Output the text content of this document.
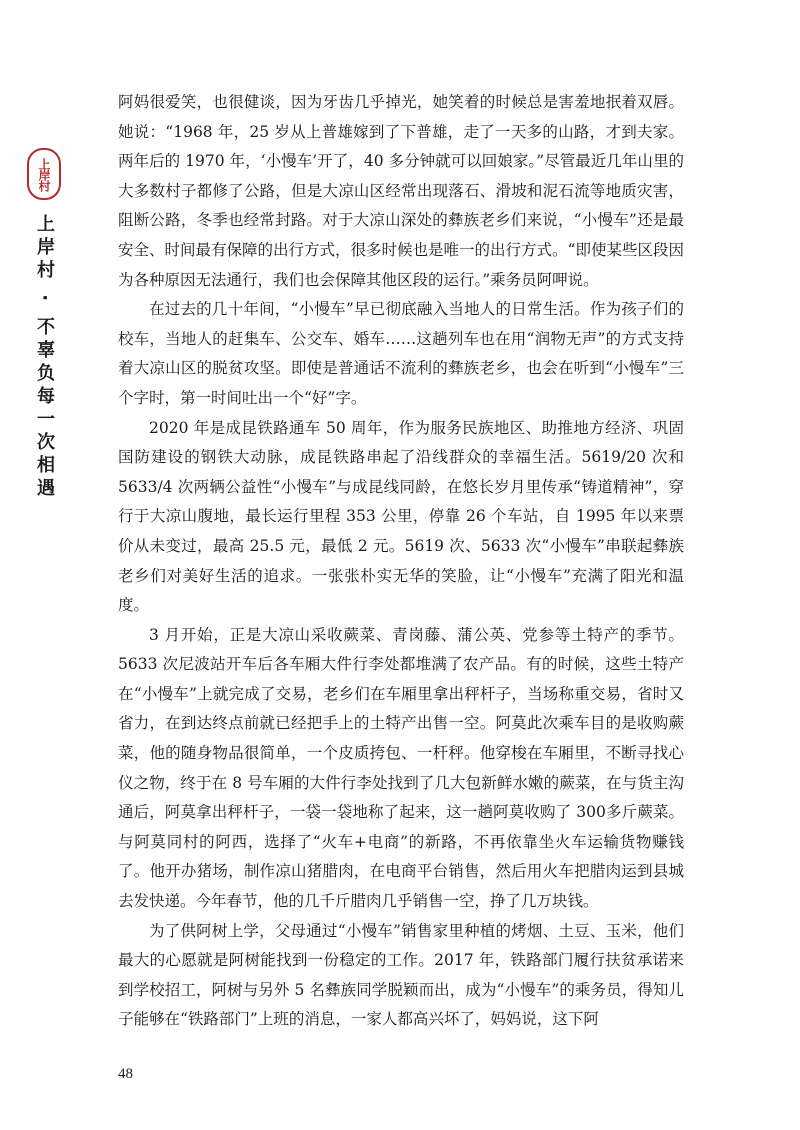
上岸村
上岸村 · 不辜负每一次相遇

阿妈很爱笑，也很健谈，因为牙齿几乎掉光，她笑着的时候总是害羞地抿着双唇。她说：“1968 年，25 岁从上普雄嫁到了下普雄，走了一天多的山路，才到夫家。两年后的 1970 年，‘小慢车’开了，40 多分钟就可以回娘家。”尽管最近几年山里的大多数村子都修了公路，但是大凉山区经常出现落石、滑坡和泥石流等地质灾害，阻断公路，冬季也经常封路。对于大凉山深处的彝族老乡们来说，“小慢车”还是最安全、时间最有保障的出行方式，很多时候也是唯一的出行方式。“即使某些区段因为各种原因无法通行，我们也会保障其他区段的运行。”乘务员阿呷说。

在过去的几十年间，“小慢车”早已彻底融入当地人的日常生活。作为孩子们的校车，当地人的赶集车、公交车、婚车……这趟列车也在用“润物无声”的方式支持着大凉山区的脱贫攻坚。即使是普通话不流利的彝族老乡，也会在听到“小慢车”三个字时，第一时间吐出一个“好”字。

2020 年是成昆铁路通车 50 周年，作为服务民族地区、助推地方经济、巩固国防建设的钢铁大动脉，成昆铁路串起了沿线群众的幸福生活。5619/20 次和5633/4 次两辆公益性“小慢车”与成昆线同龄，在悠长岁月里传承“铸道精神”，穿行于大凉山腹地，最长运行里程 353 公里，停靠 26 个车站，自 1995 年以来票价从未变过，最高 25.5 元，最低 2 元。5619 次、5633 次“小慢车”串联起彝族老乡们对美好生活的追求。一张张朴实无华的笑脸，让“小慢车”充满了阳光和温度。

3 月开始，正是大凉山采收蕨菜、青岗藤、蒲公英、党参等土特产的季节。5633 次尼波站开车后各车厢大件行李处都堆满了农产品。有的时候，这些土特产在“小慢车”上就完成了交易，老乡们在车厢里拿出秤杆子，当场称重交易，省时又省力，在到达终点前就已经把手上的土特产出售一空。阿莫此次乘车目的是收购蕨菜，他的随身物品很简单，一个皮质挎包、一杆秤。他穿梭在车厢里，不断寻找心仪之物，终于在 8 号车厢的大件行李处找到了几大包新鲜水嫩的蕨菜，在与货主沟通后，阿莫拿出秤杆子，一袋一袋地称了起来，这一趟阿莫收购了 300多斤蕨菜。与阿莫同村的阿西，选择了“火车+电商”的新路，不再依靠坐火车运输货物赚钱了。他开办猪场，制作凉山猪腊肉，在电商平台销售，然后用火车把腊肉运到县城去发快递。今年春节，他的几千斤腊肉几乎销售一空，挣了几万块钱。

为了供阿树上学，父母通过“小慢车”销售家里种植的烤烟、土豆、玉米，他们最大的心愿就是阿树能找到一份稳定的工作。2017 年，铁路部门履行扶贫承诺来到学校招工，阿树与另外 5 名彝族同学脱颖而出，成为“小慢车”的乘务员，得知儿子能够在“铁路部门”上班的消息，一家人都高兴坏了，妈妈说，这下阿

48
